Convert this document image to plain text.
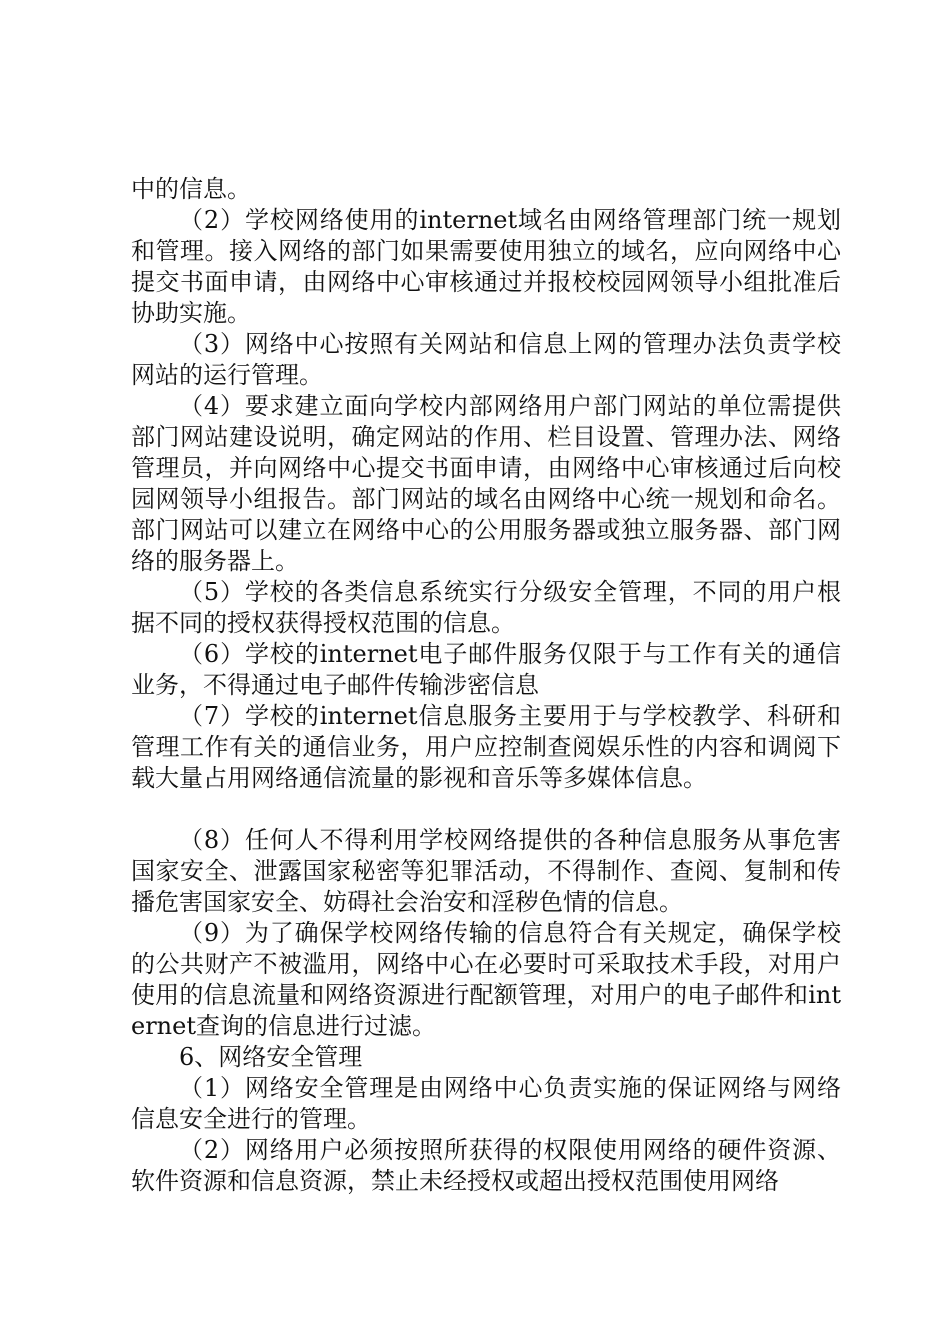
中的信息。

（2）学校网络使用的internet域名由网络管理部门统一规划和管理。接入网络的部门如果需要使用独立的域名，应向网络中心提交书面申请，由网络中心审核通过并报校校园网领导小组批准后协助实施。

（3）网络中心按照有关网站和信息上网的管理办法负责学校网站的运行管理。

（4）要求建立面向学校内部网络用户部门网站的单位需提供部门网站建设说明，确定网站的作用、栏目设置、管理办法、网络管理员，并向网络中心提交书面申请，由网络中心审核通过后向校园网领导小组报告。部门网站的域名由网络中心统一规划和命名。部门网站可以建立在网络中心的公用服务器或独立服务器、部门网络的服务器上。

（5）学校的各类信息系统实行分级安全管理，不同的用户根据不同的授权获得授权范围的信息。

（6）学校的internet电子邮件服务仅限于与工作有关的通信业务，不得通过电子邮件传输涉密信息

（7）学校的internet信息服务主要用于与学校教学、科研和管理工作有关的通信业务，用户应控制查阅娱乐性的内容和调阅下载大量占用网络通信流量的影视和音乐等多媒体信息。

（8）任何人不得利用学校网络提供的各种信息服务从事危害国家安全、泄露国家秘密等犯罪活动，不得制作、查阅、复制和传播危害国家安全、妨碍社会治安和淫秽色情的信息。

（9）为了确保学校网络传输的信息符合有关规定，确保学校的公共财产不被滥用，网络中心在必要时可采取技术手段，对用户使用的信息流量和网络资源进行配额管理，对用户的电子邮件和internet查询的信息进行过滤。

6、网络安全管理

（1）网络安全管理是由网络中心负责实施的保证网络与网络信息安全进行的管理。

（2）网络用户必须按照所获得的权限使用网络的硬件资源、软件资源和信息资源，禁止未经授权或超出授权范围使用网络
